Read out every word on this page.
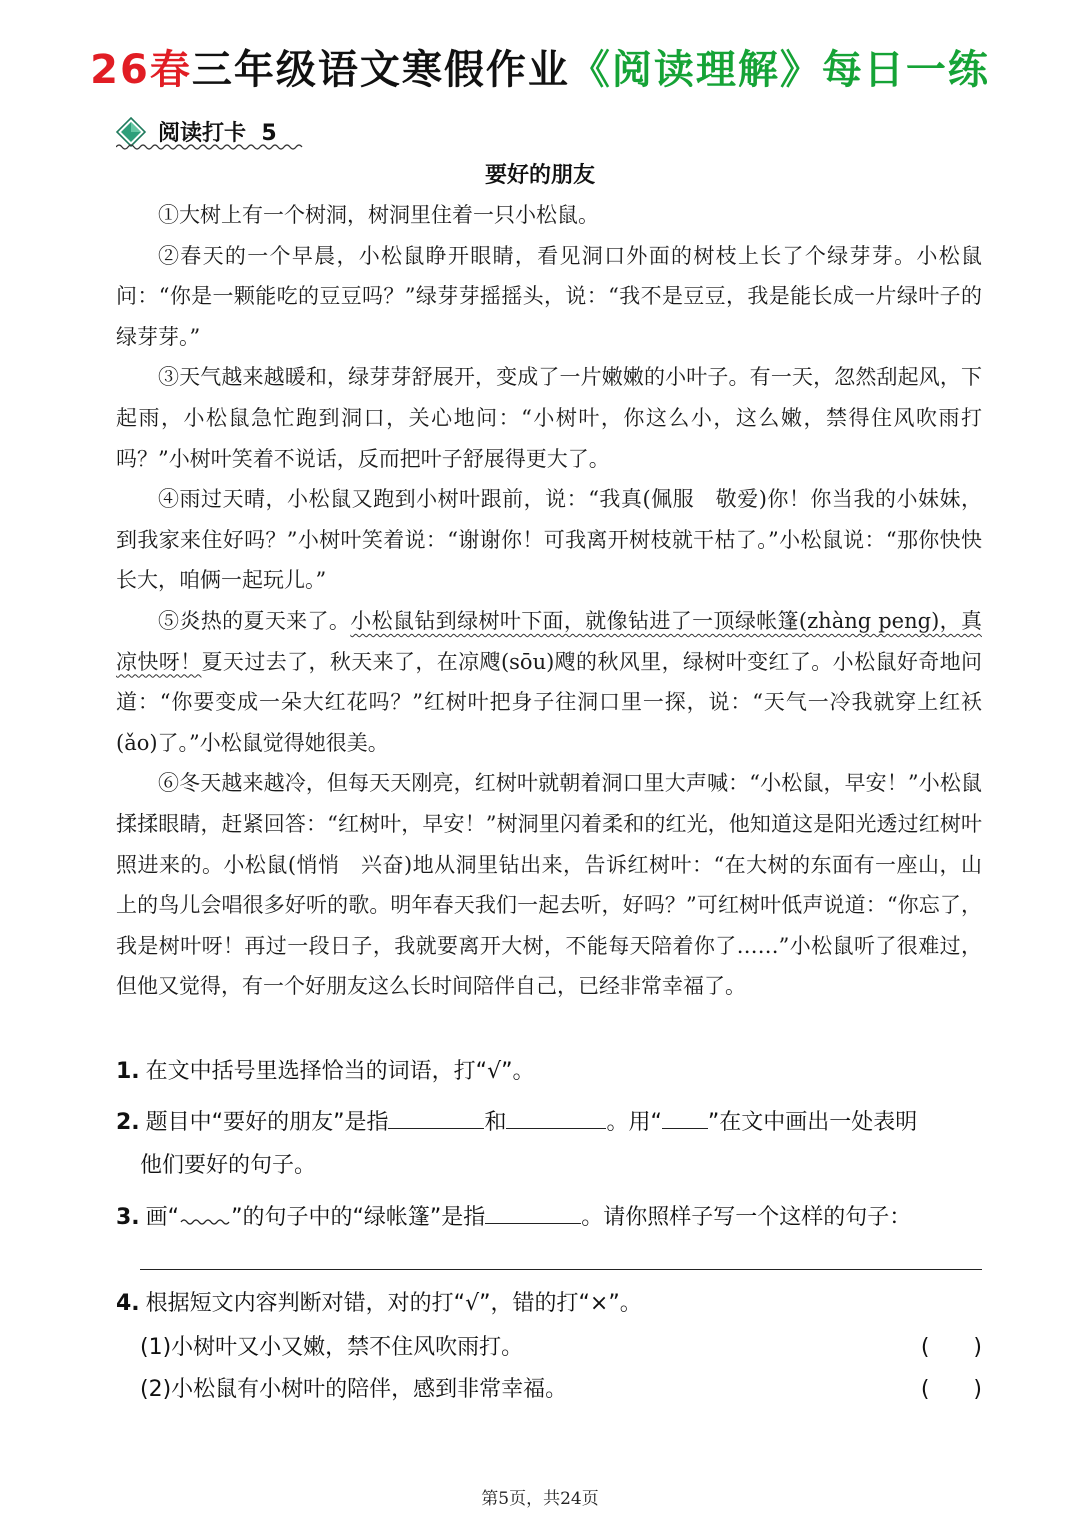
26春三年级语文寒假作业《阅读理解》每日一练
阅读打卡  5
要好的朋友

①大树上有一个树洞，树洞里住着一只小松鼠。

②春天的一个早晨，小松鼠睁开眼睛，看见洞口外面的树枝上长了个绿芽芽。小松鼠问：“你是一颗能吃的豆豆吗？”绿芽芽摇摇头，说：“我不是豆豆，我是能长成一片绿叶子的绿芽芽。”

③天气越来越暖和，绿芽芽舒展开，变成了一片嫩嫩的小叶子。有一天，忽然刮起风，下起雨，小松鼠急忙跑到洞口，关心地问：“小树叶，你这么小，这么嫩，禁得住风吹雨打吗？”小树叶笑着不说话，反而把叶子舒展得更大了。

④雨过天晴，小松鼠又跑到小树叶跟前，说：“我真(佩服　敬爱)你！你当我的小妹妹，到我家来住好吗？”小树叶笑着说：“谢谢你！可我离开树枝就干枯了。”小松鼠说：“那你快快长大，咱俩一起玩儿。”

⑤炎热的夏天来了。小松鼠钻到绿树叶下面，就像钻进了一顶绿帐篷(zhàng peng)，真凉快呀！夏天过去了，秋天来了，在凉飕(sōu)飕的秋风里，绿树叶变红了。小松鼠好奇地问道：“你要变成一朵大红花吗？”红树叶把身子往洞口里一探，说：“天气一冷我就穿上红袄(ǎo)了。”小松鼠觉得她很美。

⑥冬天越来越冷，但每天天刚亮，红树叶就朝着洞口里大声喊：“小松鼠，早安！”小松鼠揉揉眼睛，赶紧回答：“红树叶，早安！”树洞里闪着柔和的红光，他知道这是阳光透过红树叶照进来的。小松鼠(悄悄　兴奋)地从洞里钻出来，告诉红树叶：“在大树的东面有一座山，山上的鸟儿会唱很多好听的歌。明年春天我们一起去听，好吗？”可红树叶低声说道：“你忘了，我是树叶呀！再过一段日子，我就要离开大树，不能每天陪着你了……”小松鼠听了很难过，但他又觉得，有一个好朋友这么长时间陪伴自己，已经非常幸福了。

1. 在文中括号里选择恰当的词语，打“√”。
2. 题目中“要好的朋友”是指	和	。用“ ”在文中画出一处表明
他们要好的句子。
3. 画“ ”的句子中的“绿帐篷”是指	。请你照样子写一个这样的句子：
4. 根据短文内容判断对错，对的打“√”，错的打“×”。
(1)小树叶又小又嫩，禁不住风吹雨打。	(　　)
(2)小松鼠有小树叶的陪伴，感到非常幸福。	(　　)
第5页，共24页
